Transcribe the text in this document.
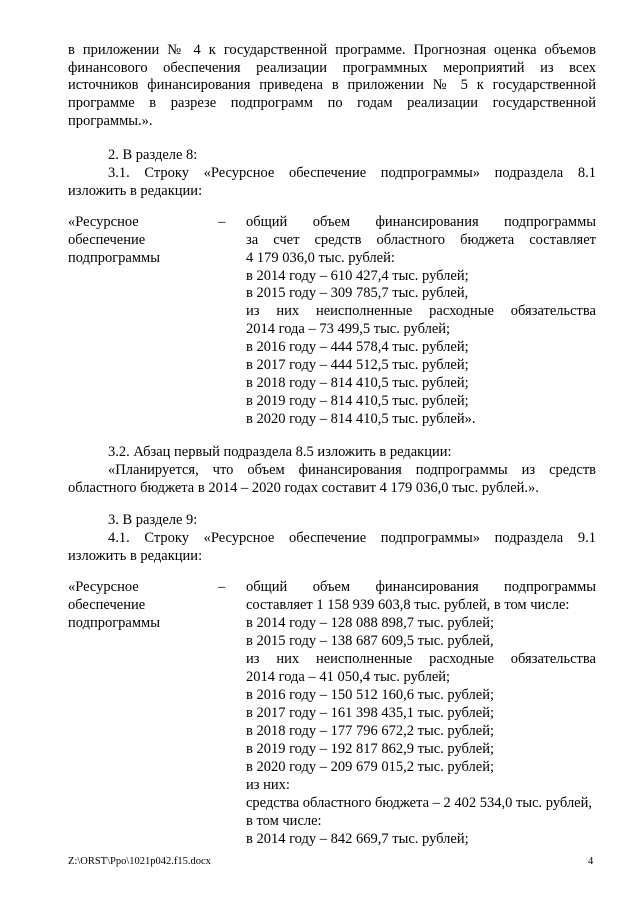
в приложении № 4 к государственной программе. Прогнозная оценка объемов
финансового обеспечения реализации программных мероприятий из всех
источников финансирования приведена в приложении № 5 к государственной
программе в разрезе подпрограмм по годам реализации государственной
программы.».
2. В разделе 8:
3.1. Строку «Ресурсное обеспечение подпрограммы» подраздела 8.1
изложить в редакции:
«Ресурсное
обеспечение
подпрограммы
– общий объем финансирования подпрограммы
за счет средств областного бюджета составляет
4 179 036,0 тыс. рублей:
в 2014 году – 610 427,4 тыс. рублей;
в 2015 году – 309 785,7 тыс. рублей,
из них неисполненные расходные обязательства
2014 года – 73 499,5 тыс. рублей;
в 2016 году – 444 578,4 тыс. рублей;
в 2017 году – 444 512,5 тыс. рублей;
в 2018 году – 814 410,5 тыс. рублей;
в 2019 году – 814 410,5 тыс. рублей;
в 2020 году – 814 410,5 тыс. рублей».
3.2. Абзац первый подраздела 8.5 изложить в редакции:
«Планируется, что объем финансирования подпрограммы из средств
областного бюджета в 2014 – 2020 годах составит 4 179 036,0 тыс. рублей.».
3. В разделе 9:
4.1. Строку «Ресурсное обеспечение подпрограммы» подраздела 9.1
изложить в редакции:
«Ресурсное
обеспечение
подпрограммы
– общий объем финансирования подпрограммы
составляет 1 158 939 603,8 тыс. рублей, в том числе:
в 2014 году – 128 088 898,7 тыс. рублей;
в 2015 году – 138 687 609,5 тыс. рублей,
из них неисполненные расходные обязательства
2014 года – 41 050,4 тыс. рублей;
в 2016 году – 150 512 160,6 тыс. рублей;
в 2017 году – 161 398 435,1 тыс. рублей;
в 2018 году – 177 796 672,2 тыс. рублей;
в 2019 году – 192 817 862,9 тыс. рублей;
в 2020 году – 209 679 015,2 тыс. рублей;
из них:
средства областного бюджета – 2 402 534,0 тыс. рублей,
в том числе:
в 2014 году – 842 669,7 тыс. рублей;
Z:\ORST\Ppo\1021p042.f15.docx	4
